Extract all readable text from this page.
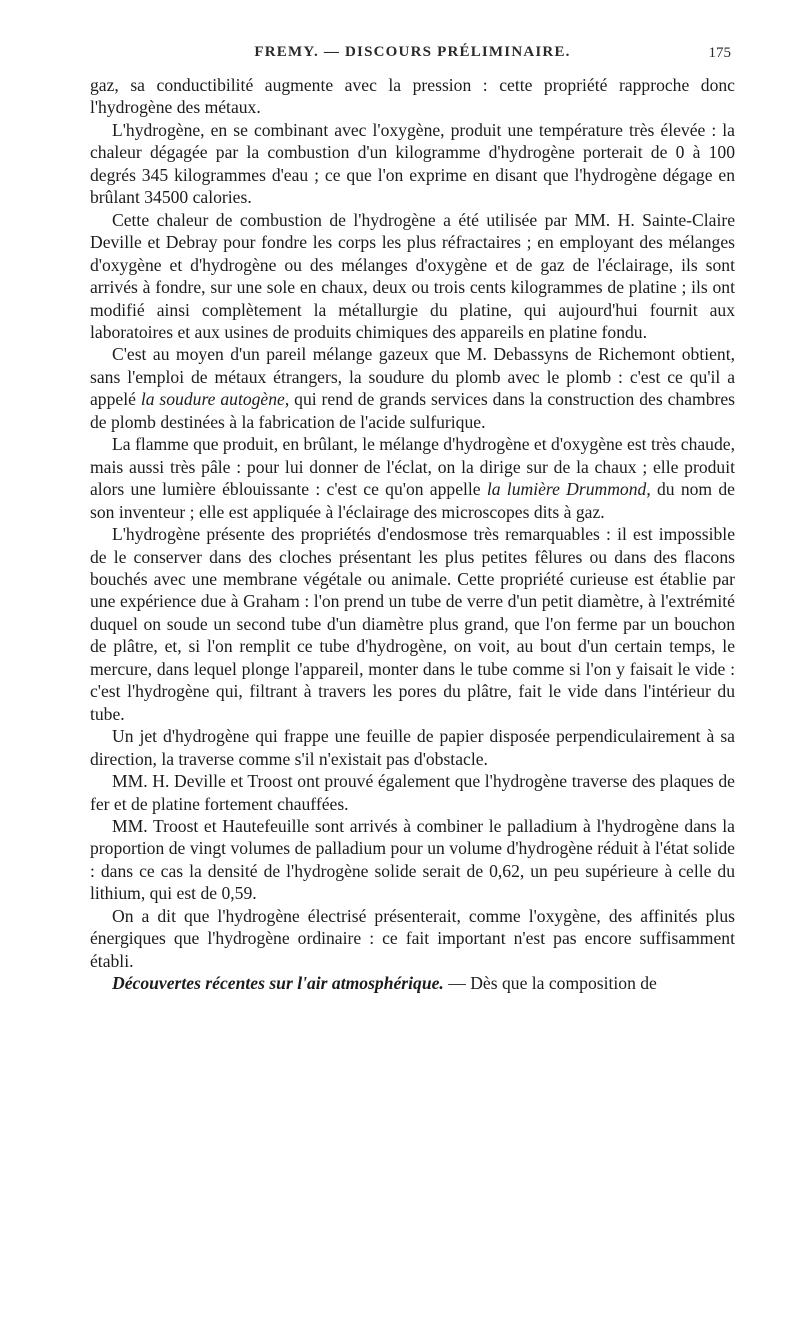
FREMY. — DISCOURS PRÉLIMINAIRE.	175

gaz, sa conductibilité augmente avec la pression : cette propriété rapproche donc l'hydrogène des métaux.

L'hydrogène, en se combinant avec l'oxygène, produit une température très élevée : la chaleur dégagée par la combustion d'un kilogramme d'hydrogène porterait de 0 à 100 degrés 345 kilogrammes d'eau ; ce que l'on exprime en disant que l'hydrogène dégage en brûlant 34500 calories.

Cette chaleur de combustion de l'hydrogène a été utilisée par MM. H. Sainte-Claire Deville et Debray pour fondre les corps les plus réfractaires ; en employant des mélanges d'oxygène et d'hydrogène ou des mélanges d'oxygène et de gaz de l'éclairage, ils sont arrivés à fondre, sur une sole en chaux, deux ou trois cents kilogrammes de platine ; ils ont modifié ainsi complètement la métallurgie du platine, qui aujourd'hui fournit aux laboratoires et aux usines de produits chimiques des appareils en platine fondu.

C'est au moyen d'un pareil mélange gazeux que M. Debassyns de Richemont obtient, sans l'emploi de métaux étrangers, la soudure du plomb avec le plomb : c'est ce qu'il a appelé la soudure autogène, qui rend de grands services dans la construction des chambres de plomb destinées à la fabrication de l'acide sulfurique.

La flamme que produit, en brûlant, le mélange d'hydrogène et d'oxygène est très chaude, mais aussi très pâle : pour lui donner de l'éclat, on la dirige sur de la chaux ; elle produit alors une lumière éblouissante : c'est ce qu'on appelle la lumière Drummond, du nom de son inventeur ; elle est appliquée à l'éclairage des microscopes dits à gaz.

L'hydrogène présente des propriétés d'endosmose très remarquables : il est impossible de le conserver dans des cloches présentant les plus petites fêlures ou dans des flacons bouchés avec une membrane végétale ou animale. Cette propriété curieuse est établie par une expérience due à Graham : l'on prend un tube de verre d'un petit diamètre, à l'extrémité duquel on soude un second tube d'un diamètre plus grand, que l'on ferme par un bouchon de plâtre, et, si l'on remplit ce tube d'hydrogène, on voit, au bout d'un certain temps, le mercure, dans lequel plonge l'appareil, monter dans le tube comme si l'on y faisait le vide : c'est l'hydrogène qui, filtrant à travers les pores du plâtre, fait le vide dans l'intérieur du tube.

Un jet d'hydrogène qui frappe une feuille de papier disposée perpendiculairement à sa direction, la traverse comme s'il n'existait pas d'obstacle.

MM. H. Deville et Troost ont prouvé également que l'hydrogène traverse des plaques de fer et de platine fortement chauffées.

MM. Troost et Hautefeuille sont arrivés à combiner le palladium à l'hydrogène dans la proportion de vingt volumes de palladium pour un volume d'hydrogène réduit à l'état solide : dans ce cas la densité de l'hydrogène solide serait de 0,62, un peu supérieure à celle du lithium, qui est de 0,59.

On a dit que l'hydrogène électrisé présenterait, comme l'oxygène, des affinités plus énergiques que l'hydrogène ordinaire : ce fait important n'est pas encore suffisamment établi.

Découvertes récentes sur l'air atmosphérique. — Dès que la composition de
